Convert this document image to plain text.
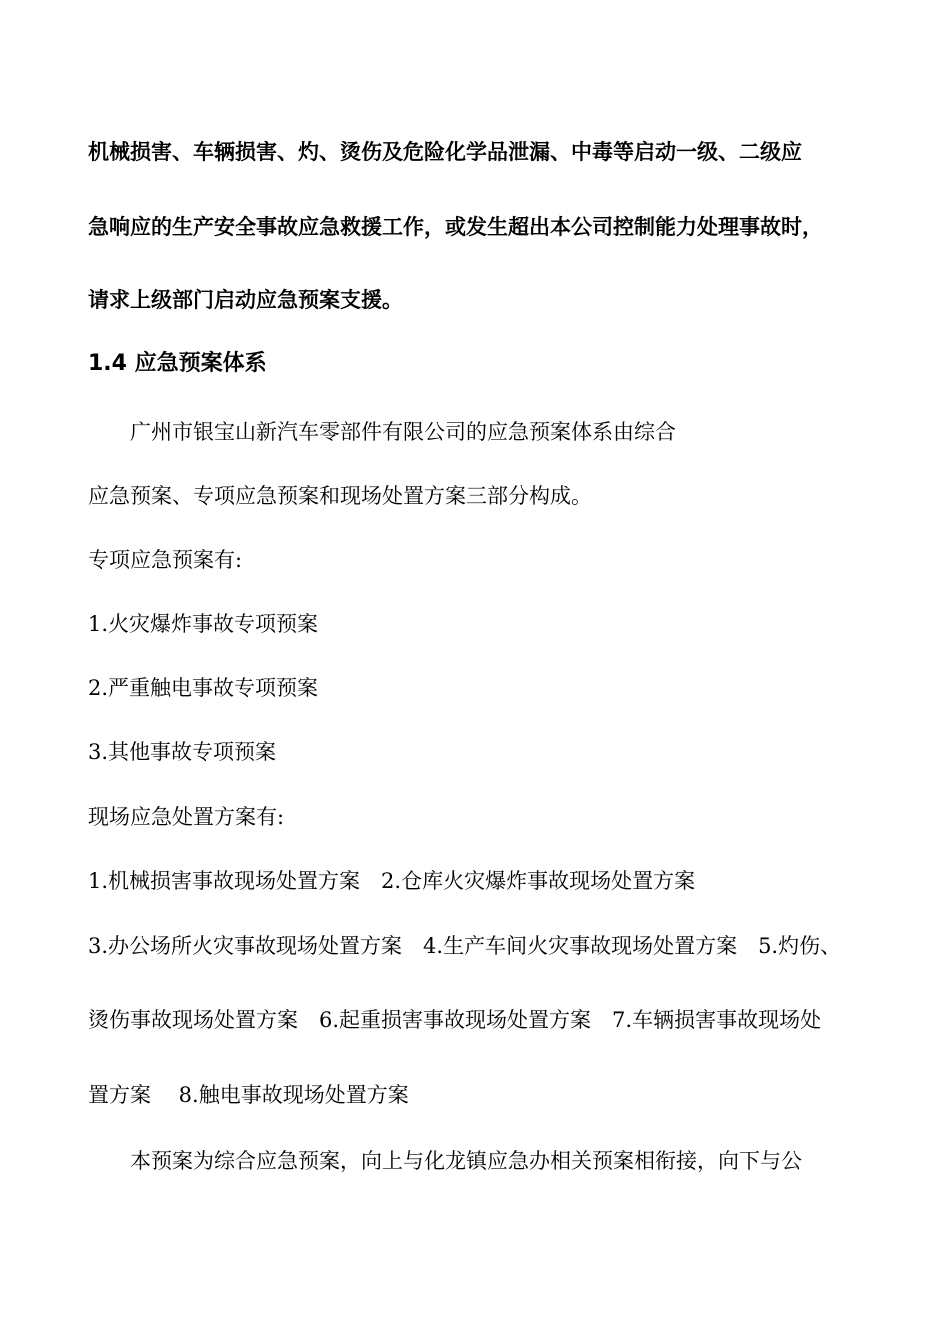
机械损害、车辆损害、灼、烫伤及危险化学品泄漏、中毒等启动一级、二级应
急响应的生产安全事故应急救援工作，或发生超出本公司控制能力处理事故时，
请求上级部门启动应急预案支援。
1.4 应急预案体系
广州市银宝山新汽车零部件有限公司的应急预案体系由综合
应急预案、专项应急预案和现场处置方案三部分构成。
专项应急预案有:
1.火灾爆炸事故专项预案
2.严重触电事故专项预案
3.其他事故专项预案
现场应急处置方案有:
1.机械损害事故现场处置方案　2.仓库火灾爆炸事故现场处置方案
3.办公场所火灾事故现场处置方案　4.生产车间火灾事故现场处置方案　5.灼伤、
烫伤事故现场处置方案　6.起重损害事故现场处置方案　7.车辆损害事故现场处
置方案　 8.触电事故现场处置方案
本预案为综合应急预案，向上与化龙镇应急办相关预案相衔接，向下与公
